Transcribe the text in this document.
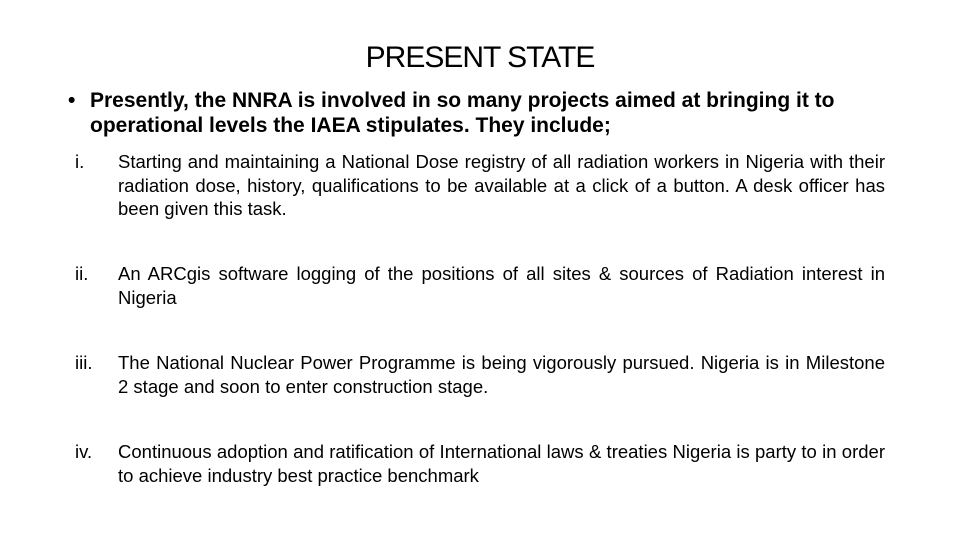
PRESENT STATE
• Presently, the NNRA is involved in so many projects aimed at bringing it to operational levels the IAEA stipulates. They include;
i.	Starting and maintaining a National Dose registry of all radiation workers in Nigeria with their radiation dose, history, qualifications to be available at a click of a button. A desk officer has been given this task.
ii.	An ARCgis software logging of the positions of all sites & sources of Radiation interest in Nigeria
iii.	The National Nuclear Power Programme is being vigorously pursued. Nigeria is in Milestone 2 stage and soon to enter construction stage.
iv.	Continuous adoption and ratification of International laws & treaties Nigeria is party to in order to achieve industry best practice benchmark
